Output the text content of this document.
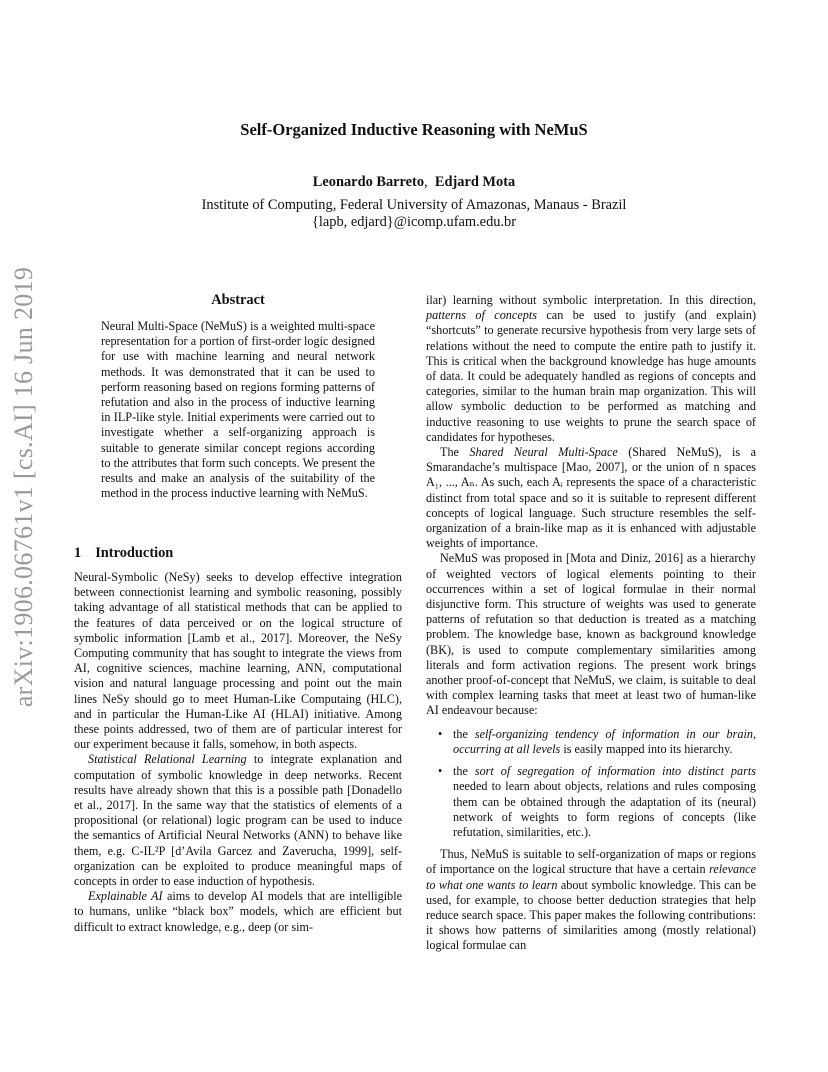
arXiv:1906.06761v1 [cs.AI] 16 Jun 2019
Self-Organized Inductive Reasoning with NeMuS
Leonardo Barreto, Edjard Mota
Institute of Computing, Federal University of Amazonas, Manaus - Brazil
{lapb, edjard}@icomp.ufam.edu.br
Abstract

Neural Multi-Space (NeMuS) is a weighted multi-space representation for a portion of first-order logic designed for use with machine learning and neural network methods. It was demonstrated that it can be used to perform reasoning based on regions forming patterns of refutation and also in the process of inductive learning in ILP-like style. Initial experiments were carried out to investigate whether a self-organizing approach is suitable to generate similar concept regions according to the attributes that form such concepts. We present the results and make an analysis of the suitability of the method in the process inductive learning with NeMuS.

1 Introduction

Neural-Symbolic (NeSy) seeks to develop effective integration between connectionist learning and symbolic reasoning, possibly taking advantage of all statistical methods that can be applied to the features of data perceived or on the logical structure of symbolic information [Lamb et al., 2017]. Moreover, the NeSy Computing community that has sought to integrate the views from AI, cognitive sciences, machine learning, ANN, computational vision and natural language processing and point out the main lines NeSy should go to meet Human-Like Computaing (HLC), and in particular the Human-Like AI (HLAI) initiative. Among these points addressed, two of them are of particular interest for our experiment because it falls, somehow, in both aspects.

Statistical Relational Learning to integrate explanation and computation of symbolic knowledge in deep networks. Recent results have already shown that this is a possible path [Donadello et al., 2017]. In the same way that the statistics of elements of a propositional (or relational) logic program can be used to induce the semantics of Artificial Neural Networks (ANN) to behave like them, e.g. C-IL²P [d’Avila Garcez and Zaverucha, 1999], self-organization can be exploited to produce meaningful maps of concepts in order to ease induction of hypothesis.

Explainable AI aims to develop AI models that are intelligible to humans, unlike “black box” models, which are efficient but difficult to extract knowledge, e.g., deep (or sim-

ilar) learning without symbolic interpretation. In this direction, patterns of concepts can be used to justify (and explain) “shortcuts” to generate recursive hypothesis from very large sets of relations without the need to compute the entire path to justify it. This is critical when the background knowledge has huge amounts of data. It could be adequately handled as regions of concepts and categories, similar to the human brain map organization. This will allow symbolic deduction to be performed as matching and inductive reasoning to use weights to prune the search space of candidates for hypotheses.

The Shared Neural Multi-Space (Shared NeMuS), is a Smarandache’s multispace [Mao, 2007], or the union of n spaces A₁, ..., Aₙ. As such, each Aᵢ represents the space of a characteristic distinct from total space and so it is suitable to represent different concepts of logical language. Such structure resembles the self-organization of a brain-like map as it is enhanced with adjustable weights of importance.

NeMuS was proposed in [Mota and Diniz, 2016] as a hierarchy of weighted vectors of logical elements pointing to their occurrences within a set of logical formulae in their normal disjunctive form. This structure of weights was used to generate patterns of refutation so that deduction is treated as a matching problem. The knowledge base, known as background knowledge (BK), is used to compute complementary similarities among literals and form activation regions. The present work brings another proof-of-concept that NeMuS, we claim, is suitable to deal with complex learning tasks that meet at least two of human-like AI endeavour because:

• the self-organizing tendency of information in our brain, occurring at all levels is easily mapped into its hierarchy.
• the sort of segregation of information into distinct parts needed to learn about objects, relations and rules composing them can be obtained through the adaptation of its (neural) network of weights to form regions of concepts (like refutation, similarities, etc.).

Thus, NeMuS is suitable to self-organization of maps or regions of importance on the logical structure that have a certain relevance to what one wants to learn about symbolic knowledge. This can be used, for example, to choose better deduction strategies that help reduce search space. This paper makes the following contributions: it shows how patterns of similarities among (mostly relational) logical formulae can
